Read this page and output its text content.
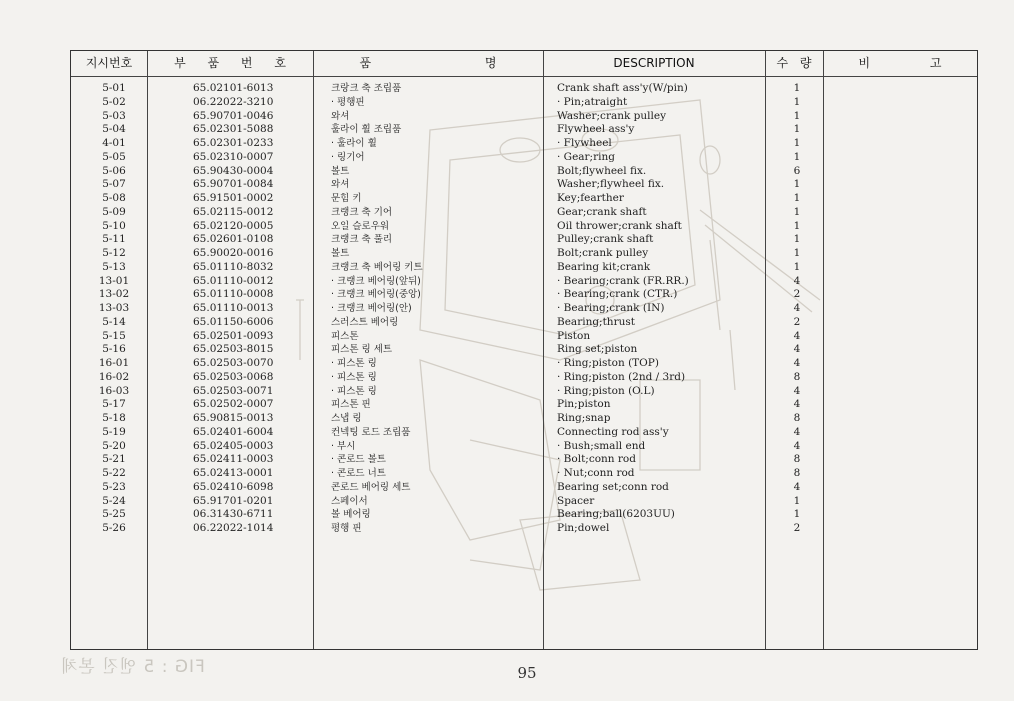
지시번호	부 품 번 호	품 명	DESCRIPTION	수 량	비 고
5-01	65.02101-6013	크랑크 축 조립품	Crank shaft ass'y(W/pin)	1
5-02	06.22022-3210	· 평행핀	· Pin;atraight	1
5-03	65.90701-0046	와셔	Washer;crank pulley	1
5-04	65.02301-5088	훌라이 휠 조립품	Flywheel ass'y	1
4-01	65.02301-0233	· 훌라이 휠	· Flywheel	1
5-05	65.02310-0007	· 링기어	· Gear;ring	1
5-06	65.90430-0004	볼트	Bolt;flywheel fix.	6
5-07	65.90701-0084	와셔	Washer;flywheel fix.	1
5-08	65.91501-0002	문힘 키	Key;fearther	1
5-09	65.02115-0012	크랭크 축 기어	Gear;crank shaft	1
5-10	65.02120-0005	오일 슬로우워	Oil thrower;crank shaft	1
5-11	65.02601-0108	크랭크 축 풀리	Pulley;crank shaft	1
5-12	65.90020-0016	볼트	Bolt;crank pulley	1
5-13	65.01110-8032	크랭크 축 베어링 키트	Bearing kit;crank	1
13-01	65.01110-0012	· 크랭크 베어링(앞뒤)	· Bearing;crank (FR.RR.)	4
13-02	65.01110-0008	· 크랭크 베어링(중앙)	· Bearing;crank (CTR.)	2
13-03	65.01110-0013	· 크랭크 베어링(안)	· Bearing;crank (IN)	4
5-14	65.01150-6006	스러스트 베어링	Bearing;thrust	2
5-15	65.02501-0093	피스톤	Piston	4
5-16	65.02503-8015	피스톤 링 세트	Ring set;piston	4
16-01	65.02503-0070	· 피스톤 링	· Ring;piston (TOP)	4
16-02	65.02503-0068	· 피스톤 링	· Ring;piston (2nd / 3rd)	8
16-03	65.02503-0071	· 피스톤 링	· Ring;piston (O.L)	4
5-17	65.02502-0007	피스톤 핀	Pin;piston	4
5-18	65.90815-0013	스냅 링	Ring;snap	8
5-19	65.02401-6004	컨넥팅 로드 조립품	Connecting rod ass'y	4
5-20	65.02405-0003	· 부시	· Bush;small end	4
5-21	65.02411-0003	· 콘로드 볼트	· Bolt;conn rod	8
5-22	65.02413-0001	· 콘로드 너트	· Nut;conn rod	8
5-23	65.02410-6098	콘로드 베어링 세트	Bearing set;conn rod	4
5-24	65.91701-0201	스페이서	Spacer	1
5-25	06.31430-6711	볼 베어링	Bearing;ball(6203UU)	1
5-26	06.22022-1014	평행 핀	Pin;dowel	2
FIG : 5 엔진 본체	95
